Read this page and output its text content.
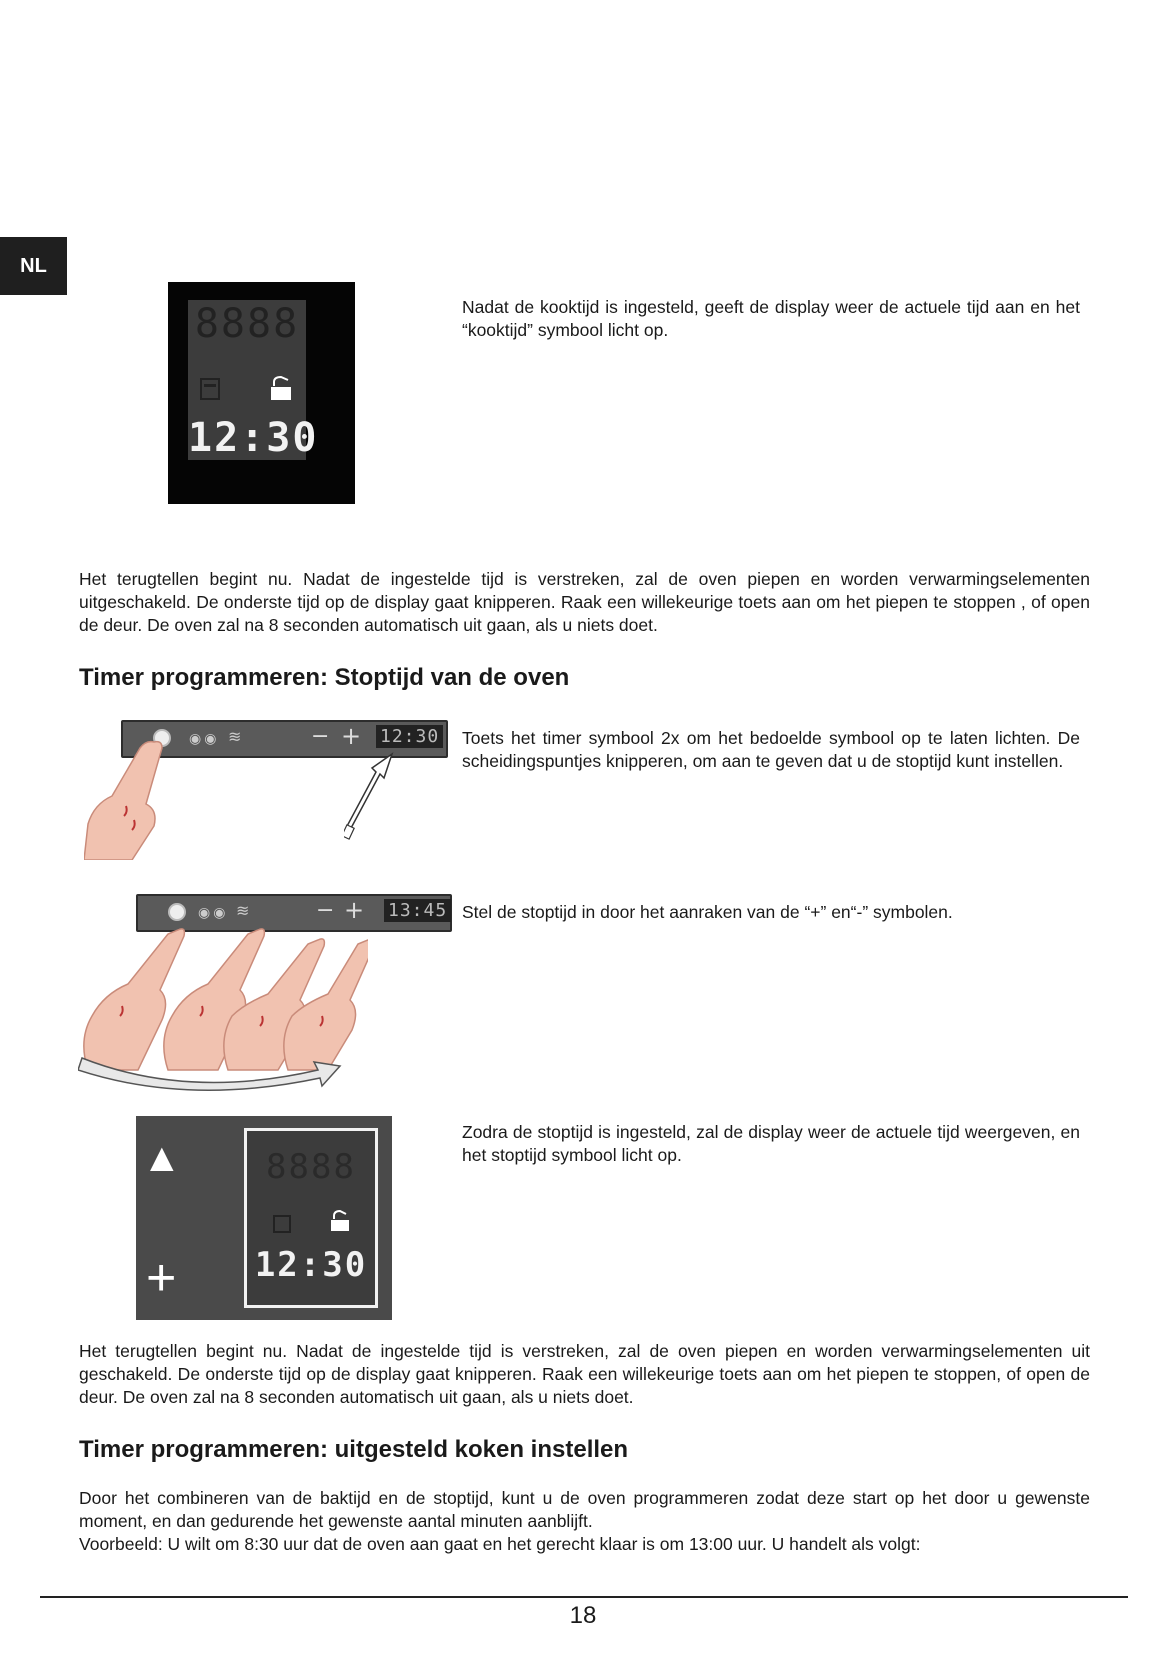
NL
8888
12:30

Nadat de kooktijd is ingesteld, geeft de display weer de actuele tijd aan en het “kooktijd” symbool licht op.

Het terugtellen begint nu. Nadat de ingestelde tijd is verstreken, zal de oven piepen en worden verwarmingselementen uitgeschakeld. De onderste tijd op de display gaat knipperen. Raak een willekeurige toets aan om het piepen te stoppen , of open de deur. De oven zal na 8 seconden automatisch uit gaan, als u niets doet.

Timer programmeren: Stoptijd van de oven
◉◉ ≋	− + 12:30 Toets het timer symbool 2x om het bedoelde symbool op te laten lichten. De scheidingspuntjes knipperen, om aan te geven dat u de stoptijd kunt instellen.

◉◉ ≋	− + 13:45 Stel de stoptijd in door het aanraken van de “+” en“-” symbolen.

▲
+
8888
12:30

Zodra de stoptijd is ingesteld, zal de display weer de actuele tijd weergeven, en het stoptijd symbool licht op.

Het terugtellen begint nu. Nadat de ingestelde tijd is verstreken, zal de oven piepen en worden verwarmingselementen uit geschakeld. De onderste tijd op de display gaat knipperen. Raak een willekeurige toets aan om het piepen te stoppen, of open de deur. De oven zal na 8 seconden automatisch uit gaan, als u niets doet.

Timer programmeren: uitgesteld koken instellen

Door het combineren van de baktijd en de stoptijd, kunt u de oven programmeren zodat deze start op het door u gewenste moment, en dan gedurende het gewenste aantal minuten aanblijft.

Voorbeeld: U wilt om 8:30 uur dat de oven aan gaat en het gerecht klaar is om 13:00 uur. U handelt als volgt:

18
